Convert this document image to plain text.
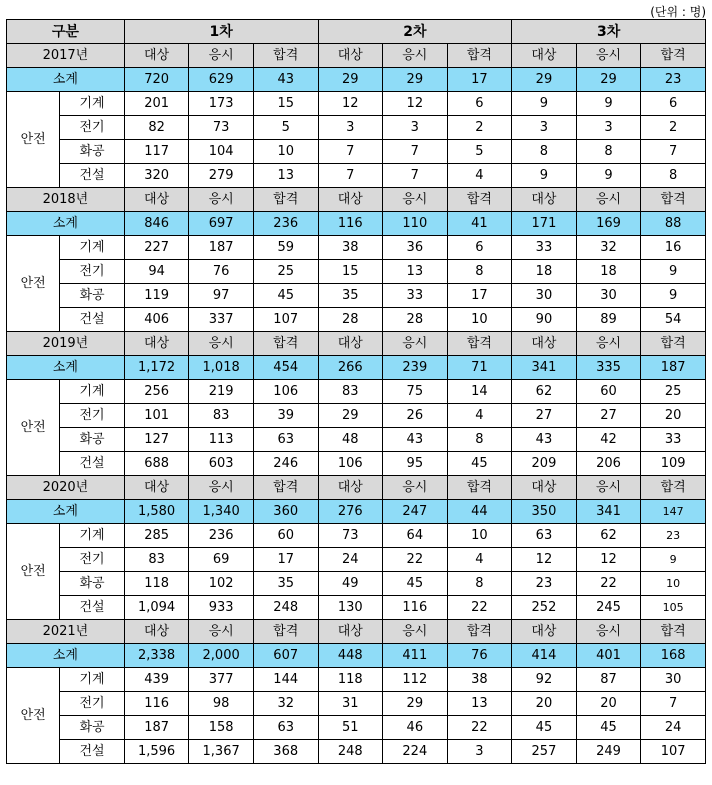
(단위 : 명)
구분		1차			2차			3차		
2017년		대상	응시	합격	대상	응시	합격	대상	응시	합격
소계		720	629	43	29	29	17	29	29	23
안전	기계	201	173	15	12	12	6	9	9	6
	전기	82	73	5	3	3	2	3	3	2
	화공	117	104	10	7	7	5	8	8	7
	건설	320	279	13	7	7	4	9	9	8
2018년		대상	응시	합격	대상	응시	합격	대상	응시	합격
소계		846	697	236	116	110	41	171	169	88
안전	기계	227	187	59	38	36	6	33	32	16
	전기	94	76	25	15	13	8	18	18	9
	화공	119	97	45	35	33	17	30	30	9
	건설	406	337	107	28	28	10	90	89	54
2019년		대상	응시	합격	대상	응시	합격	대상	응시	합격
소계		1,172	1,018	454	266	239	71	341	335	187
안전	기계	256	219	106	83	75	14	62	60	25
	전기	101	83	39	29	26	4	27	27	20
	화공	127	113	63	48	43	8	43	42	33
	건설	688	603	246	106	95	45	209	206	109
2020년		대상	응시	합격	대상	응시	합격	대상	응시	합격
소계		1,580	1,340	360	276	247	44	350	341	147
안전	기계	285	236	60	73	64	10	63	62	23
	전기	83	69	17	24	22	4	12	12	9
	화공	118	102	35	49	45	8	23	22	10
	건설	1,094	933	248	130	116	22	252	245	105
2021년		대상	응시	합격	대상	응시	합격	대상	응시	합격
소계		2,338	2,000	607	448	411	76	414	401	168
안전	기계	439	377	144	118	112	38	92	87	30
	전기	116	98	32	31	29	13	20	20	7
	화공	187	158	63	51	46	22	45	45	24
	건설	1,596	1,367	368	248	224	3	257	249	107
